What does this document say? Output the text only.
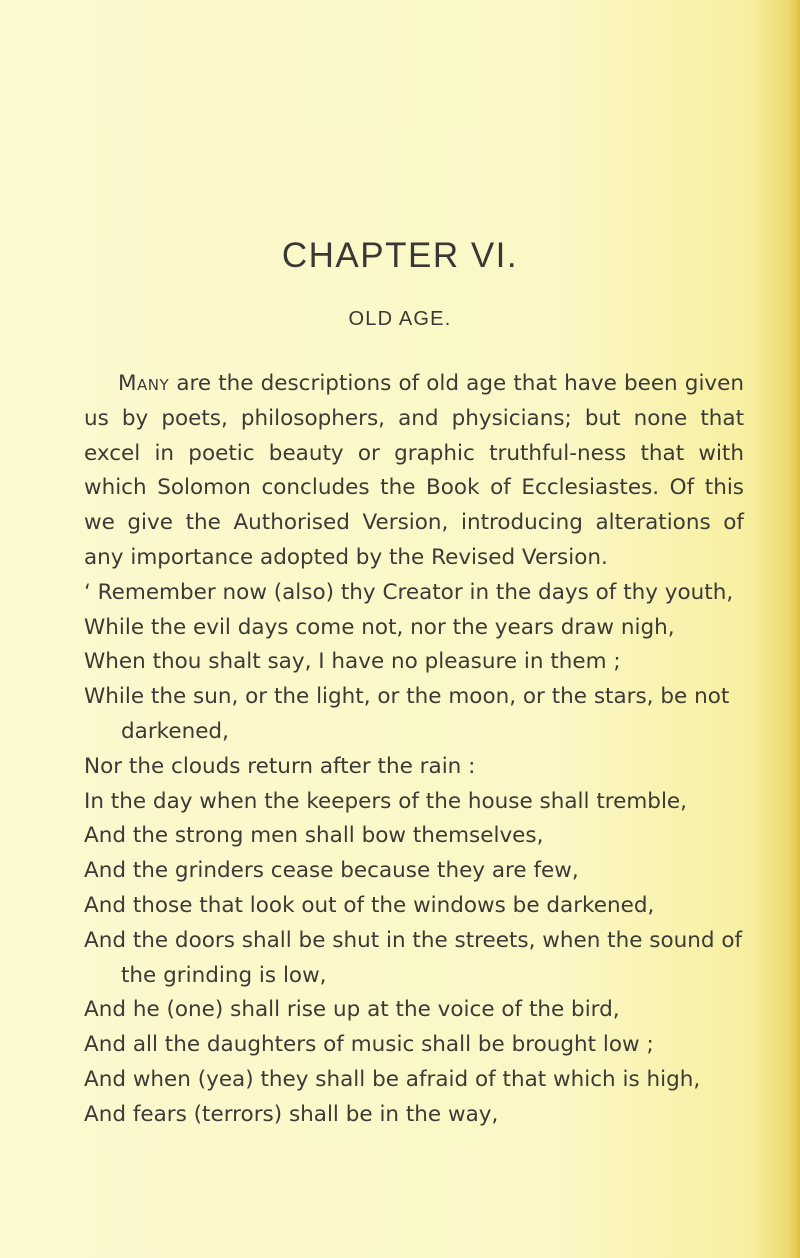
CHAPTER VI.
OLD AGE.

Many are the descriptions of old age that have been given us by poets, philosophers, and physicians; but none that excel in poetic beauty or graphic truthful-ness that with which Solomon concludes the Book of Ecclesiastes. Of this we give the Authorised Version, introducing alterations of any importance adopted by the Revised Version.

‘ Remember now (also) thy Creator in the days of thy youth,

While the evil days come not, nor the years draw nigh,

When thou shalt say, I have no pleasure in them ;

While the sun, or the light, or the moon, or the stars, be not darkened,

Nor the clouds return after the rain :

In the day when the keepers of the house shall tremble,

And the strong men shall bow themselves,

And the grinders cease because they are few,

And those that look out of the windows be darkened,

And the doors shall be shut in the streets, when the sound of the grinding is low,

And he (one) shall rise up at the voice of the bird,

And all the daughters of music shall be brought low ;

And when (yea) they shall be afraid of that which is high,

And fears (terrors) shall be in the way,
